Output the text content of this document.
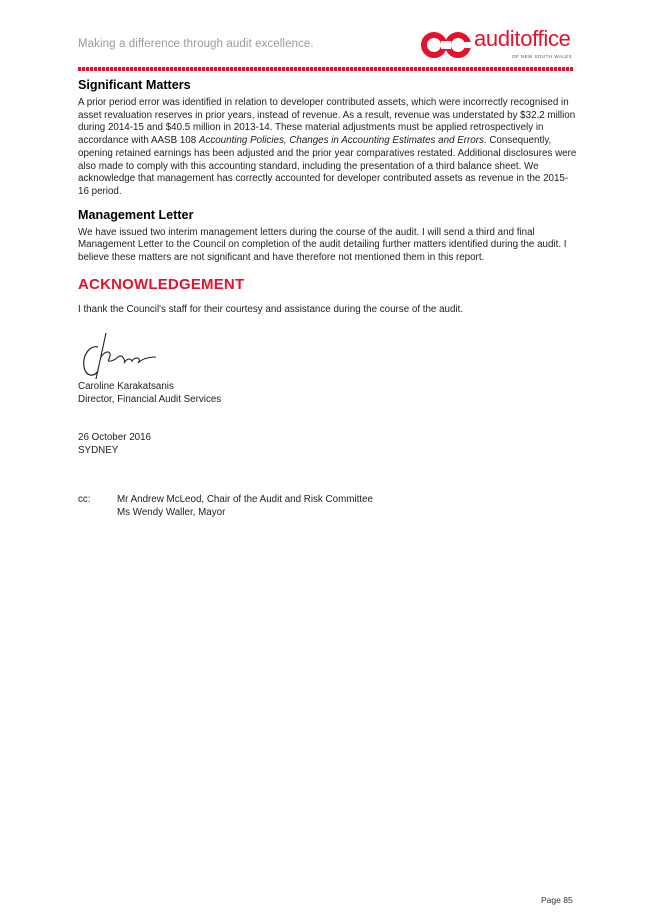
Making a difference through audit excellence.	auditoffice
OF NEW SOUTH WALES
Significant Matters

A prior period error was identified in relation to developer contributed assets, which were incorrectly recognised in asset revaluation reserves in prior years, instead of revenue. As a result, revenue was understated by $32.2 million during 2014-15 and $40.5 million in 2013-14. These material adjustments must be applied retrospectively in accordance with AASB 108 Accounting Policies, Changes in Accounting Estimates and Errors. Consequently, opening retained earnings has been adjusted and the prior year comparatives restated. Additional disclosures were also made to comply with this accounting standard, including the presentation of a third balance sheet. We acknowledge that management has correctly accounted for developer contributed assets as revenue in the 2015-16 period.

Management Letter

We have issued two interim management letters during the course of the audit. I will send a third and final Management Letter to the Council on completion of the audit detailing further matters identified during the audit. I believe these matters are not significant and have therefore not mentioned them in this report.

ACKNOWLEDGEMENT

I thank the Council's staff for their courtesy and assistance during the course of the audit.

Caroline Karakatsanis
Director, Financial Audit Services
26 October 2016
SYDNEY
cc:	Mr Andrew McLeod, Chair of the Audit and Risk Committee
Ms Wendy Waller, Mayor
Page 85
